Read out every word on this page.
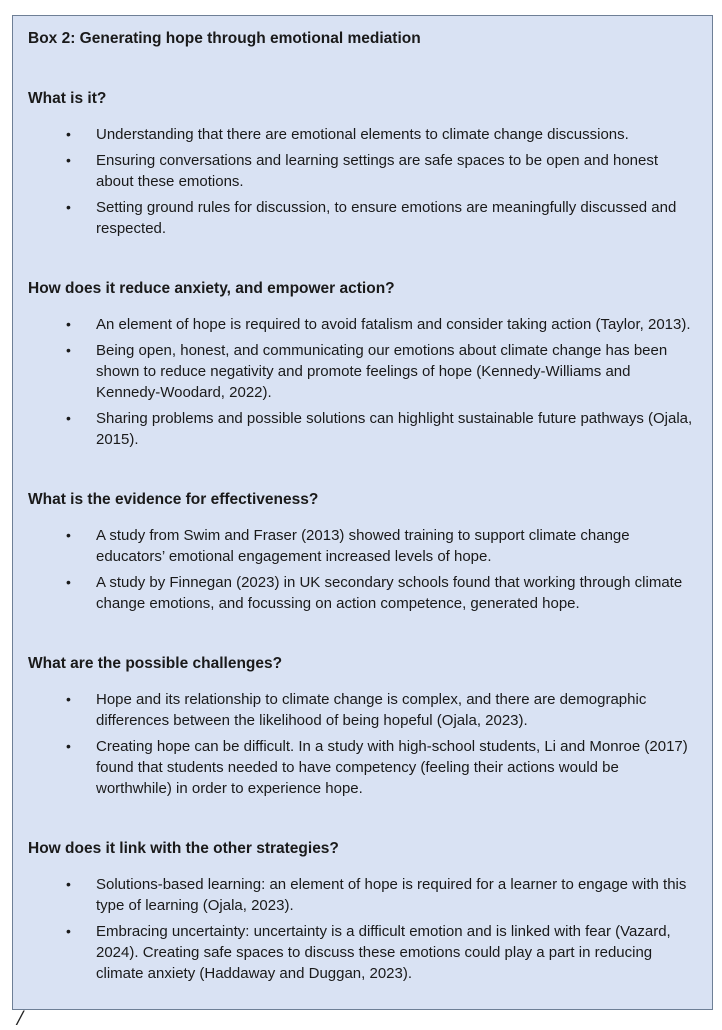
Box 2: Generating hope through emotional mediation

What is it?

•	Understanding that there are emotional elements to climate change discussions.
•	Ensuring conversations and learning settings are safe spaces to be open and honest about these emotions.
•	Setting ground rules for discussion, to ensure emotions are meaningfully discussed and respected.

How does it reduce anxiety, and empower action?

•	An element of hope is required to avoid fatalism and consider taking action (Taylor, 2013).
•	Being open, honest, and communicating our emotions about climate change has been shown to reduce negativity and promote feelings of hope (Kennedy-Williams and Kennedy-Woodard, 2022).
•	Sharing problems and possible solutions can highlight sustainable future pathways (Ojala, 2015).

What is the evidence for effectiveness?

•	A study from Swim and Fraser (2013) showed training to support climate change educators’ emotional engagement increased levels of hope.
•	A study by Finnegan (2023) in UK secondary schools found that working through climate change emotions, and focussing on action competence, generated hope.

What are the possible challenges?

•	Hope and its relationship to climate change is complex, and there are demographic differences between the likelihood of being hopeful (Ojala, 2023).
•	Creating hope can be difficult. In a study with high-school students, Li and Monroe (2017) found that students needed to have competency (feeling their actions would be worthwhile) in order to experience hope.

How does it link with the other strategies?

•	Solutions-based learning: an element of hope is required for a learner to engage with this type of learning (Ojala, 2023).
•	Embracing uncertainty: uncertainty is a difficult emotion and is linked with fear (Vazard, 2024). Creating safe spaces to discuss these emotions could play a part in reducing climate anxiety (Haddaway and Duggan, 2023).
/
